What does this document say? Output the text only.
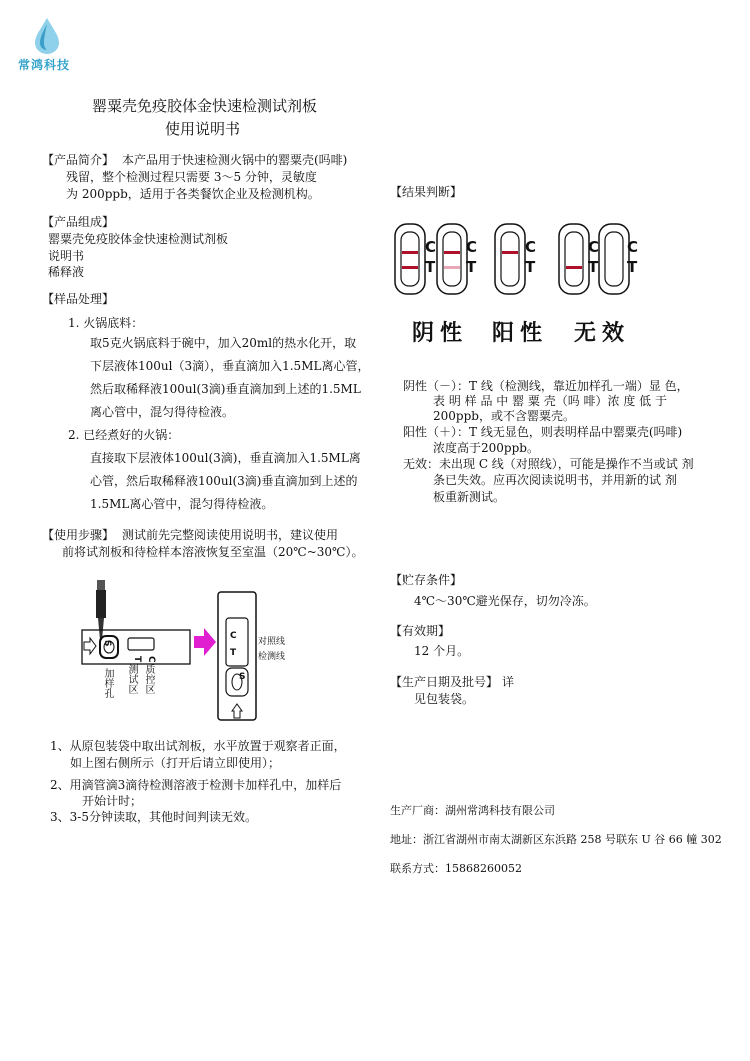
常鸿科技
罂粟壳免疫胶体金快速检测试剂板
使用说明书
【产品简介】 本产品用于快速检测火锅中的罂粟壳(吗啡)
残留，整个检测过程只需要 3～5 分钟，灵敏度
为 200ppb，适用于各类餐饮企业及检测机构。
【产品组成】
罂粟壳免疫胶体金快速检测试剂板
说明书
稀释液
【样品处理】
1. 火锅底料：
取5克火锅底料于碗中，加入20ml的热水化开，取
下层液体100ul（3滴），垂直滴加入1.5ML离心管，
然后取稀释液100ul(3滴)垂直滴加到上述的1.5ML
离心管中，混匀得待检液。
2. 已经煮好的火锅：
直接取下层液体100ul(3滴)，垂直滴加入1.5ML离
心管，然后取稀释液100ul(3滴)垂直滴加到上述的
1.5ML离心管中，混匀得待检液。
【使用步骤】 测试前先完整阅读使用说明书，建议使用
前将试剂板和待检样本溶液恢复至室温（20℃~30℃）。
C
T
S
对照线
检测线
S
T C
加样孔 测试区 质控区
1、从原包装袋中取出试剂板，水平放置于观察者正面，
如上图右侧所示（打开后请立即使用）；
2、用滴管滴3滴待检测溶液于检测卡加样孔中，加样后
开始计时；
3、3-5分钟读取，其他时间判读无效。
【结果判断】
C
T
C
T
C
T
C
T
C
T
阴性 阳性 无效
阴性（－）：T 线（检测线，靠近加样孔一端）显 色，
表 明 样 品 中 罂 粟 壳（吗 啡）浓 度 低 于
200ppb，或不含罂粟壳。
阳性（＋）：T 线无显色，则表明样品中罂粟壳(吗啡)
浓度高于200ppb。
无效：未出现 C 线（对照线），可能是操作不当或试 剂
条已失效。应再次阅读说明书，并用新的试 剂
板重新测试。
【贮存条件】
4℃～30℃避光保存，切勿冷冻。
【有效期】
12 个月。
【生产日期及批号】 详
见包装袋。
生产厂商：湖州常鸿科技有限公司
地址：浙江省湖州市南太湖新区东浜路 258 号联东 U 谷 66 幢 302
联系方式：15868260052
